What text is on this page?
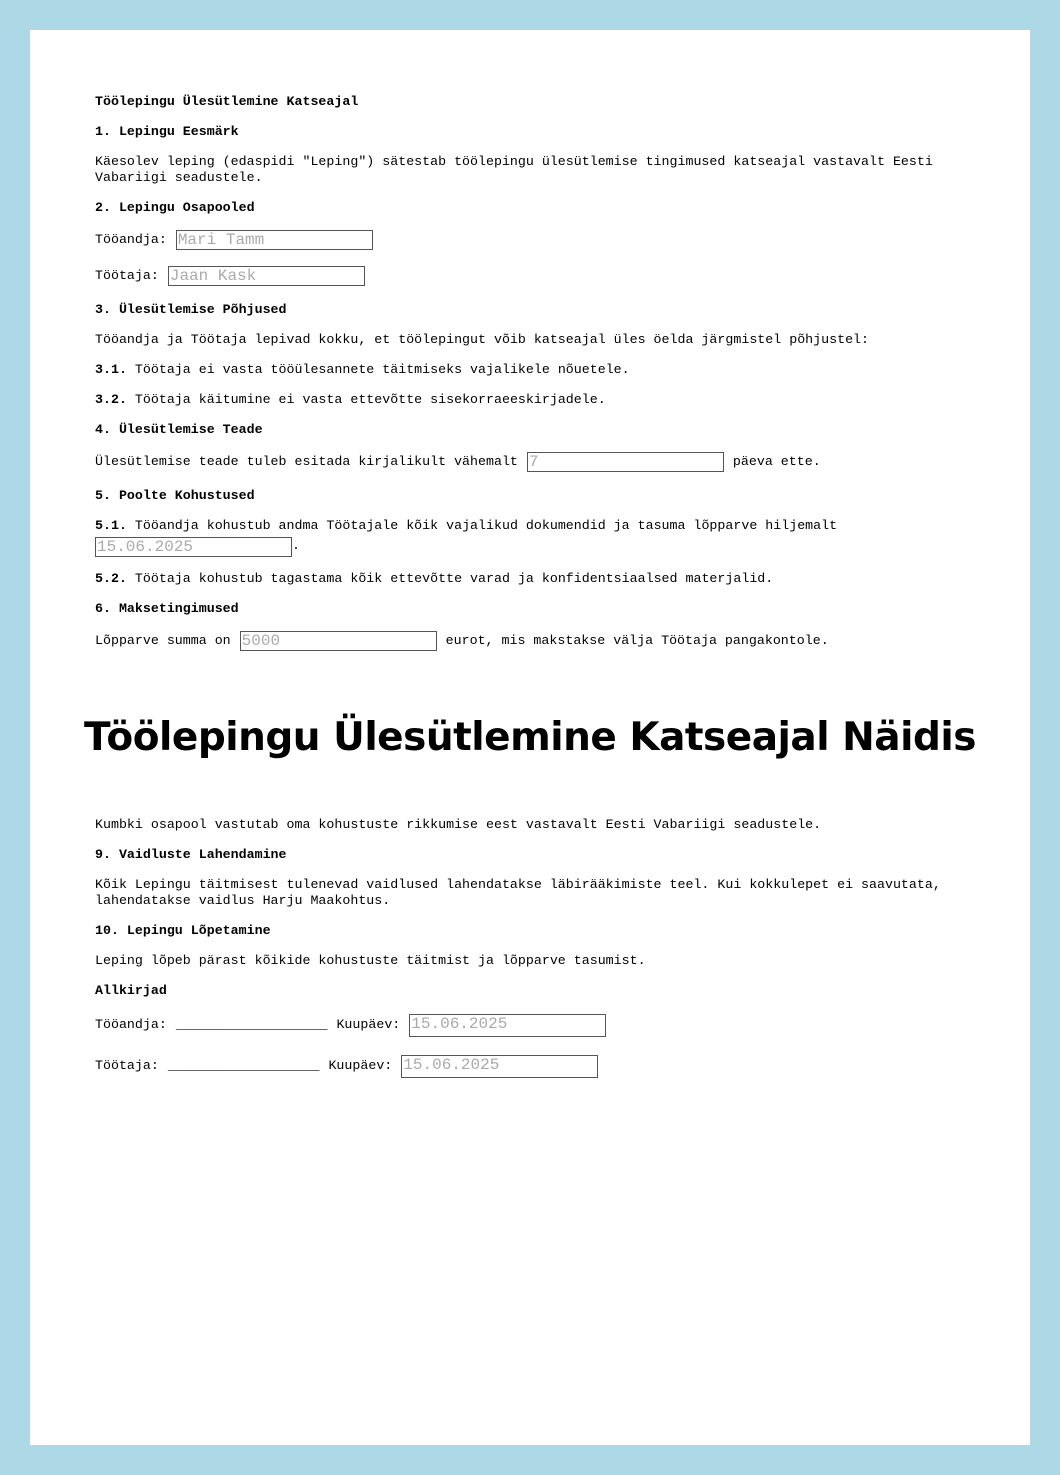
Töölepingu Ülesütlemine Katseajal

1. Lepingu Eesmärk

Käesolev leping (edaspidi "Leping") sätestab töölepingu ülesütlemise tingimused katseajal vastavalt Eesti Vabariigi seadustele.

2. Lepingu Osapooled

Tööandja: Mari Tamm
Töötaja: Jaan Kask

3. Ülesütlemise Põhjused

Tööandja ja Töötaja lepivad kokku, et töölepingut võib katseajal üles öelda järgmistel põhjustel:

3.1. Töötaja ei vasta tööülesannete täitmiseks vajalikele nõuetele.

3.2. Töötaja käitumine ei vasta ettevõtte sisekorraeeskirjadele.

4. Ülesütlemise Teade

Ülesütlemise teade tuleb esitada kirjalikult vähemalt 7	päeva ette.

5. Poolte Kohustused

5.1. Tööandja kohustub andma Töötajale kõik vajalikud dokumendid ja tasuma lõpparve hiljemalt
15.06.2025	.

5.2. Töötaja kohustub tagastama kõik ettevõtte varad ja konfidentsiaalsed materjalid.

6. Maksetingimused

Lõpparve summa on 5000	eurot, mis makstakse välja Töötaja pangakontole.
Töölepingu Ülesütlemine Katseajal Näidis

Kumbki osapool vastutab oma kohustuste rikkumise eest vastavalt Eesti Vabariigi seadustele.

9. Vaidluste Lahendamine

Kõik Lepingu täitmisest tulenevad vaidlused lahendatakse läbirääkimiste teel. Kui kokkulepet ei saavutata, lahendatakse vaidlus Harju Maakohtus.

10. Lepingu Lõpetamine

Leping lõpeb pärast kõikide kohustuste täitmist ja lõpparve tasumist.

Allkirjad

Tööandja: ___________________ Kuupäev: 15.06.2025
Töötaja: ___________________ Kuupäev: 15.06.2025
